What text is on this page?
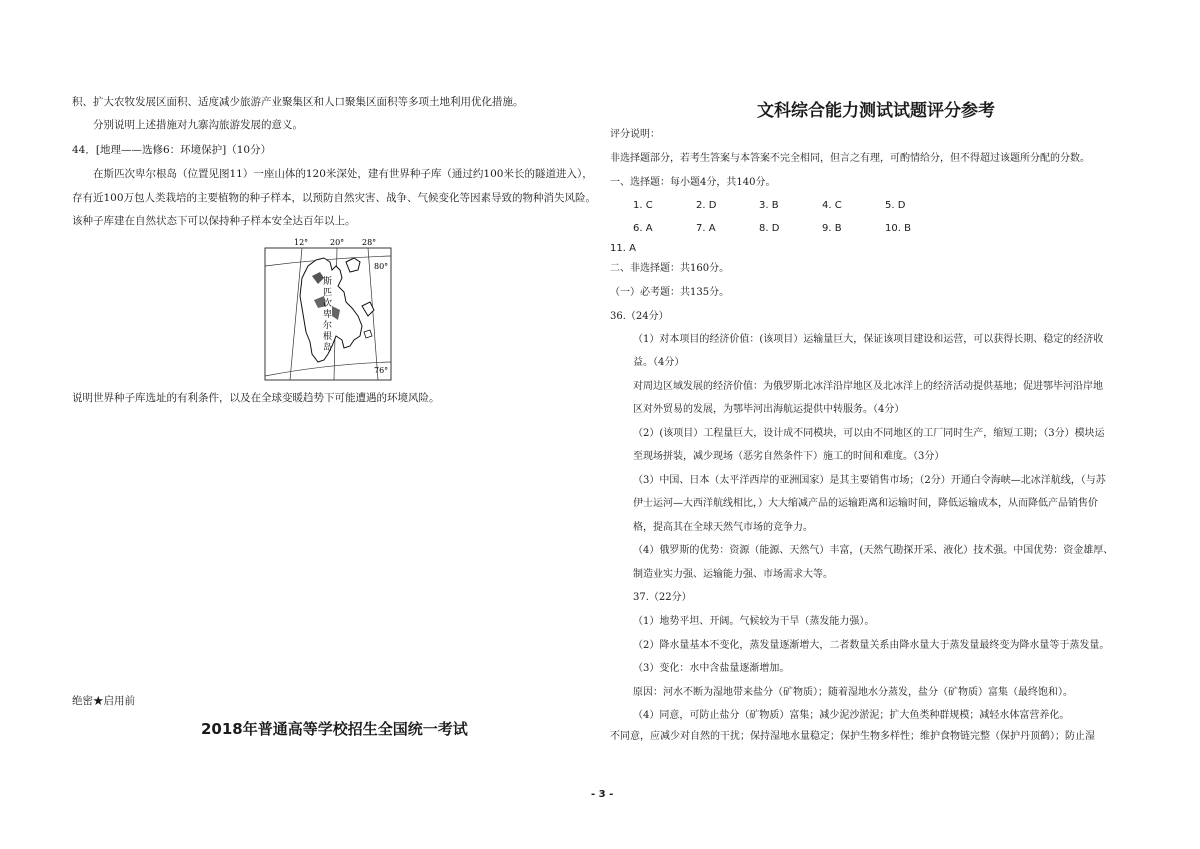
积、扩大农牧发展区面积、适度减少旅游产业聚集区和人口聚集区面积等多项土地利用优化措施。
分别说明上述措施对九寨沟旅游发展的意义。
44．[地理——选修6：环境保护]（10分）
在斯匹次卑尔根岛（位置见图11）一座山体的120米深处，建有世界种子库（通过约100米长的隧道进入），
存有近100万包人类栽培的主要植物的种子样本，以预防自然灾害、战争、气候变化等因素导致的物种消失风险。
该种子库建在自然状态下可以保持种子样本安全达百年以上。
斯
匹
次
卑
尔
根
岛
12°	20° 28°
80°
76°
说明世界种子库选址的有利条件，以及在全球变暖趋势下可能遭遇的环境风险。
绝密★启用前
2018年普通高等学校招生全国统一考试
文科综合能力测试试题评分参考
评分说明：
非选择题部分，若考生答案与本答案不完全相同，但言之有理，可酌情给分，但不得超过该题所分配的分数。
一、选择题：每小题4分，共140分。
1. C	2. D	3. B	4. C	5. D
6. A	7. A	8. D	9. B	10. B
11. A
二、非选择题：共160分。
（一）必考题：共135分。
36.（24分）
（1）对本项目的经济价值：(该项目）运输量巨大，保证该项目建设和运营，可以获得长期、稳定的经济收
益。（4分）
对周边区域发展的经济价值：为俄罗斯北冰洋沿岸地区及北冰洋上的经济活动提供基地；促进鄂毕河沿岸地
区对外贸易的发展，为鄂毕河出海航运提供中转服务。（4分）
（2）(该项目）工程量巨大，设计成不同模块，可以由不同地区的工厂同时生产，缩短工期；（3分）模块运
至现场拼装，减少现场（恶劣自然条件下）施工的时间和难度。（3分）
（3）中国、日本（太平洋西岸的亚洲国家）是其主要销售市场；（2分）开通白令海峡—北冰洋航线，（与苏
伊士运河—大西洋航线相比，）大大缩减产品的运输距离和运输时间，降低运输成本，从而降低产品销售价
格，提高其在全球天然气市场的竞争力。
（4）俄罗斯的优势：资源（能源、天然气）丰富，(天然气勘探开采、液化）技术强。中国优势：资金雄厚、
制造业实力强、运输能力强、市场需求大等。
37.（22分）
（1）地势平坦、开阔。气候较为干旱（蒸发能力强）。
（2）降水量基本不变化，蒸发量逐渐增大，二者数量关系由降水量大于蒸发量最终变为降水量等于蒸发量。
（3）变化：水中含盐量逐渐增加。
原因：河水不断为湿地带来盐分（矿物质）；随着湿地水分蒸发，盐分（矿物质）富集（最终饱和）。
（4）同意，可防止盐分（矿物质）富集；减少泥沙淤泥；扩大鱼类种群规模；减轻水体富营养化。
不同意，应减少对自然的干扰；保持湿地水量稳定；保护生物多样性；维护食物链完整（保护丹顶鹤）；防止湿
- 3 -
